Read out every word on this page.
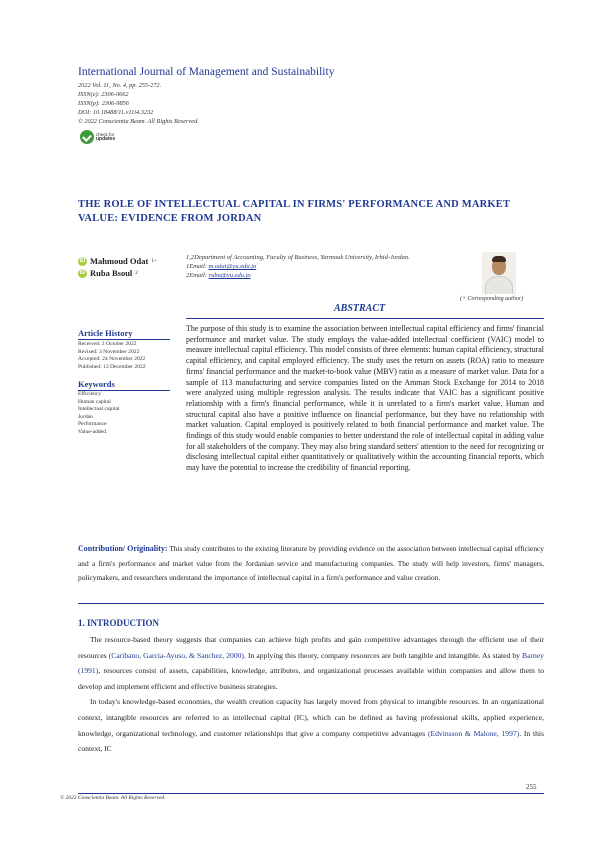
International Journal of Management and Sustainability
2022 Vol. 11, No. 4, pp. 255-272.
ISSN(e): 2306-0662
ISSN(p): 2306-9856
DOI: 10.18488/11.v11i4.3232
© 2022 Conscientia Beam. All Rights Reserved.
check for
updates
THE ROLE OF INTELLECTUAL CAPITAL IN FIRMS' PERFORMANCE AND MARKET VALUE: EVIDENCE FROM JORDAN
iD Mahmoud Odat 1+
iD Ruba Bsoul 2
1,2Department of Accounting, Faculty of Business, Yarmouk University, Irbid-Jordan.
1Email: m.odat@yu.edu.jo
2Email: ruba@yu.edu.jo
(+ Corresponding author)
ABSTRACT
Article History
Received: 3 October 2022
Revised: 3 November 2022
Accepted: 24 November 2022
Published: 13 December 2022
Keywords
Efficiency
Human capital
Intellectual capital
Jordan
Performance
Value-added.
The purpose of this study is to examine the association between intellectual capital efficiency and firms' financial performance and market value. The study employs the value-added intellectual coefficient (VAIC) model to measure intellectual capital efficiency. This model consists of three elements: human capital efficiency, structural capital efficiency, and capital employed efficiency. The study uses the return on assets (ROA) ratio to measure firms' financial performance and the market-to-book value (MBV) ratio as a measure of market value. Data for a sample of 113 manufacturing and service companies listed on the Amman Stock Exchange for 2014 to 2018 were analyzed using multiple regression analysis. The results indicate that VAIC has a significant positive relationship with a firm's financial performance, while it is unrelated to a firm's market value. Human and structural capital also have a positive influence on financial performance, but they have no relationship with market valuation. Capital employed is positively related to both financial performance and market value. The findings of this study would enable companies to better understand the role of intellectual capital in adding value for all stakeholders of the company. They may also bring standard setters' attention to the need for recognizing or disclosing intellectual capital either quantitatively or qualitatively within the accounting financial reports, which may have the potential to increase the credibility of financial reporting.
Contribution/ Originality: This study contributes to the existing literature by providing evidence on the association between intellectual capital efficiency and a firm's performance and market value from the Jordanian service and manufacturing companies. The study will help investors, firms' managers, policymakers, and researchers understand the importance of intellectual capital in a firm's performance and value creation.
1. INTRODUCTION

The resource-based theory suggests that companies can achieve high profits and gain competitive advantages through the efficient use of their resources (Caribano, Garcia-Ayuso, & Sanchez, 2000). In applying this theory, company resources are both tangible and intangible. As stated by Barney (1991), resources consist of assets, capabilities, knowledge, attributes, and organizational processes available within companies and allow them to develop and implement efficient and effective business strategies.

In today's knowledge-based economies, the wealth creation capacity has largely moved from physical to intangible resources. In an organizational context, intangible resources are referred to as intellectual capital (IC), which can be defined as having professional skills, applied experience, knowledge, organizational technology, and customer relationships that give a company competitive advantages (Edvinsson & Malone, 1997). In this context, IC

255
© 2022 Conscientia Beam. All Rights Reserved.
